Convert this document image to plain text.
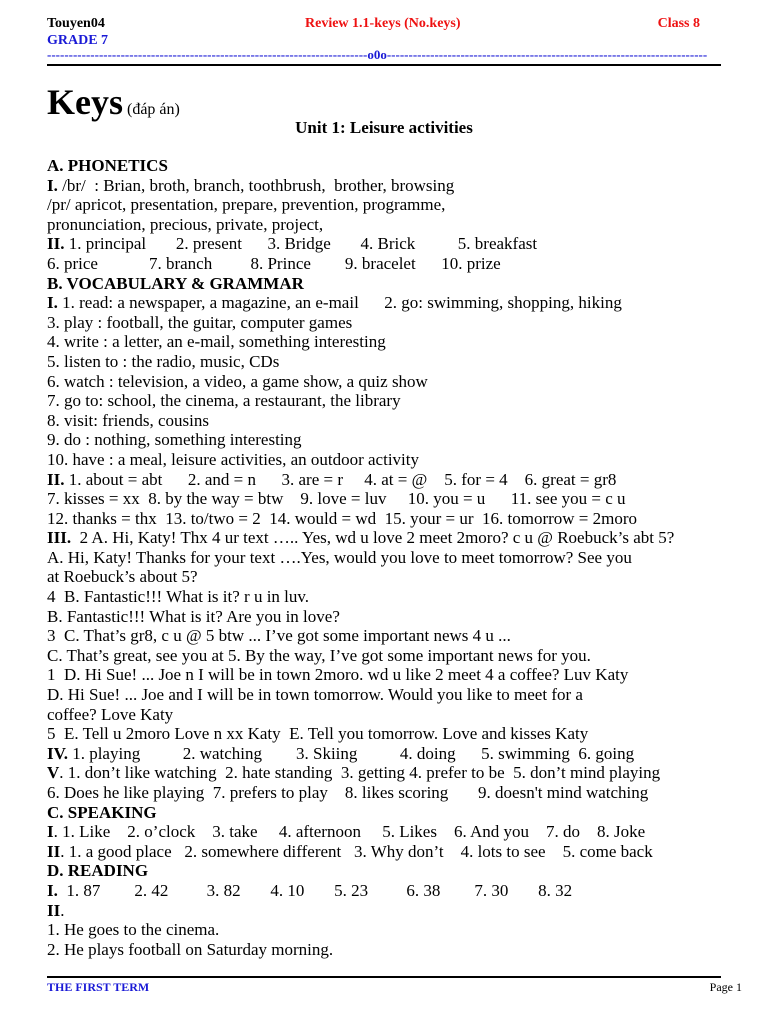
Touyen04
GRADE 7
Review 1.1-keys (No.keys)	Class 8
--------------------------------------------------------------------------o0o--------------------------------------------------------------------------
Keys (đáp án)
Unit 1: Leisure activities
A. PHONETICS
I. /br/  : Brian, broth, branch, toothbrush,  brother, browsing
/pr/ apricot, presentation, prepare, prevention, programme,
pronunciation, precious, private, project,
II. 1. principal       2. present      3. Bridge       4. Brick          5. breakfast
6. price            7. branch         8. Prince        9. bracelet      10. prize
B. VOCABULARY & GRAMMAR
I. 1. read: a newspaper, a magazine, an e-mail      2. go: swimming, shopping, hiking
3. play : football, the guitar, computer games
4. write : a letter, an e-mail, something interesting
5. listen to : the radio, music, CDs
6. watch : television, a video, a game show, a quiz show
7. go to: school, the cinema, a restaurant, the library
8. visit: friends, cousins
9. do : nothing, something interesting
10. have : a meal, leisure activities, an outdoor activity
II. 1. about = abt      2. and = n      3. are = r     4. at = @    5. for = 4    6. great = gr8
7. kisses = xx  8. by the way = btw    9. love = luv     10. you = u      11. see you = c u
12. thanks = thx  13. to/two = 2  14. would = wd  15. your = ur  16. tomorrow = 2moro
III.  2 A. Hi, Katy! Thx 4 ur text ….. Yes, wd u love 2 meet 2moro? c u @ Roebuck’s abt 5?
A. Hi, Katy! Thanks for your text ….Yes, would you love to meet tomorrow? See you
at Roebuck’s about 5?
4  B. Fantastic!!! What is it? r u in luv.
B. Fantastic!!! What is it? Are you in love?
3  C. That’s gr8, c u @ 5 btw ... I’ve got some important news 4 u ...
C. That’s great, see you at 5. By the way, I’ve got some important news for you.
1  D. Hi Sue! ... Joe n I will be in town 2moro. wd u like 2 meet 4 a coffee? Luv Katy
D. Hi Sue! ... Joe and I will be in town tomorrow. Would you like to meet for a
coffee? Love Katy
5  E. Tell u 2moro Love n xx Katy  E. Tell you tomorrow. Love and kisses Katy
IV. 1. playing          2. watching        3. Skiing          4. doing      5. swimming  6. going
V. 1. don’t like watching  2. hate standing  3. getting 4. prefer to be  5. don’t mind playing
6. Does he like playing  7. prefers to play    8. likes scoring       9. doesn't mind watching
C. SPEAKING
I. 1. Like    2. o’clock    3. take     4. afternoon     5. Likes    6. And you    7. do    8. Joke
II. 1. a good place   2. somewhere different   3. Why don’t    4. lots to see    5. come back
D. READING
I.  1. 87        2. 42         3. 82       4. 10       5. 23         6. 38        7. 30       8. 32
II.
1. He goes to the cinema.
2. He plays football on Saturday morning.
THE FIRST TERM	Page 1
